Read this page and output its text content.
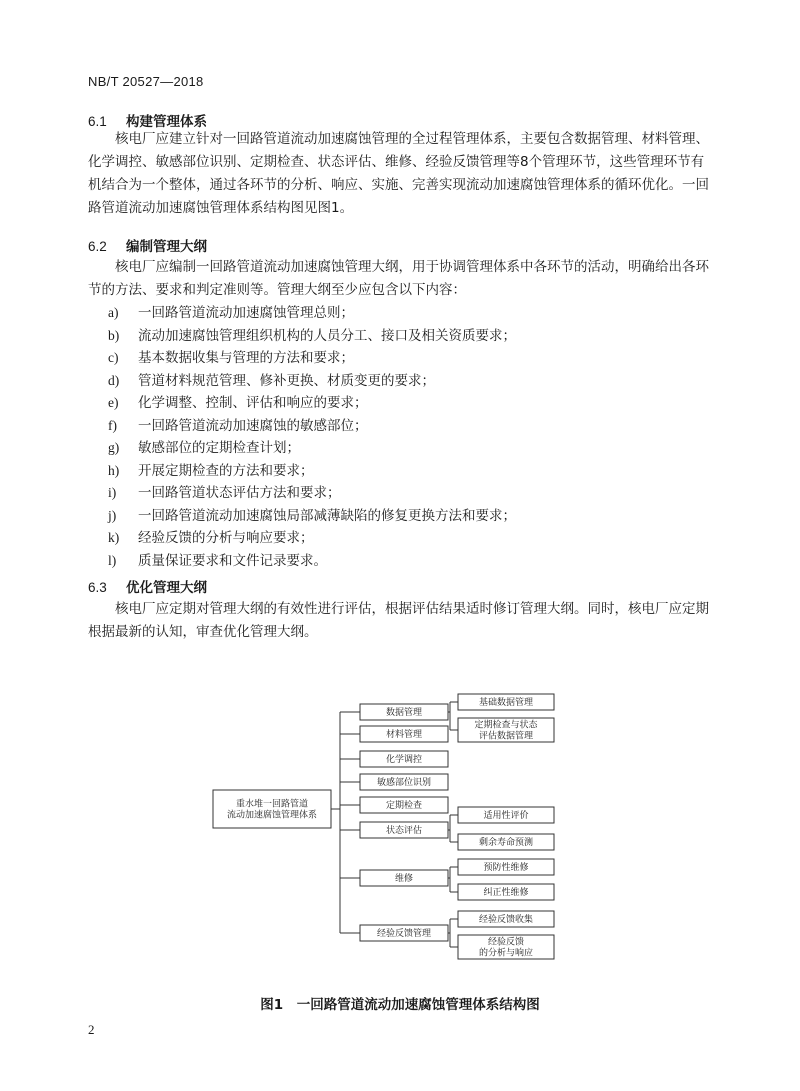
NB/T 20527—2018
6.1 构建管理体系

核电厂应建立针对一回路管道流动加速腐蚀管理的全过程管理体系，主要包含数据管理、材料管理、化学调控、敏感部位识别、定期检查、状态评估、维修、经验反馈管理等8个管理环节，这些管理环节有机结合为一个整体，通过各环节的分析、响应、实施、完善实现流动加速腐蚀管理体系的循环优化。一回路管道流动加速腐蚀管理体系结构图见图1。

6.2 编制管理大纲

核电厂应编制一回路管道流动加速腐蚀管理大纲，用于协调管理体系中各环节的活动，明确给出各环节的方法、要求和判定准则等。管理大纲至少应包含以下内容：

a) 一回路管道流动加速腐蚀管理总则；
b) 流动加速腐蚀管理组织机构的人员分工、接口及相关资质要求；
c) 基本数据收集与管理的方法和要求；
d) 管道材料规范管理、修补更换、材质变更的要求；
e) 化学调整、控制、评估和响应的要求；
f) 一回路管道流动加速腐蚀的敏感部位；
g) 敏感部位的定期检查计划；
h) 开展定期检查的方法和要求；
i) 一回路管道状态评估方法和要求；
j) 一回路管道流动加速腐蚀局部减薄缺陷的修复更换方法和要求；
k) 经验反馈的分析与响应要求；
l) 质量保证要求和文件记录要求。
6.3 优化管理大纲

核电厂应定期对管理大纲的有效性进行评估，根据评估结果适时修订管理大纲。同时，核电厂应定期根据最新的认知，审查优化管理大纲。

重水堆一回路管道
流动加速腐蚀管理体系
数据管理
基础数据管理
定期检查与状态
评估数据管理
材料管理
化学调控
敏感部位识别
定期检查
状态评估
适用性评价
剩余寿命预测
维修
预防性维修
纠正性维修
经验反馈管理
经验反馈收集
经验反馈
的分析与响应
图1　一回路管道流动加速腐蚀管理体系结构图
2
